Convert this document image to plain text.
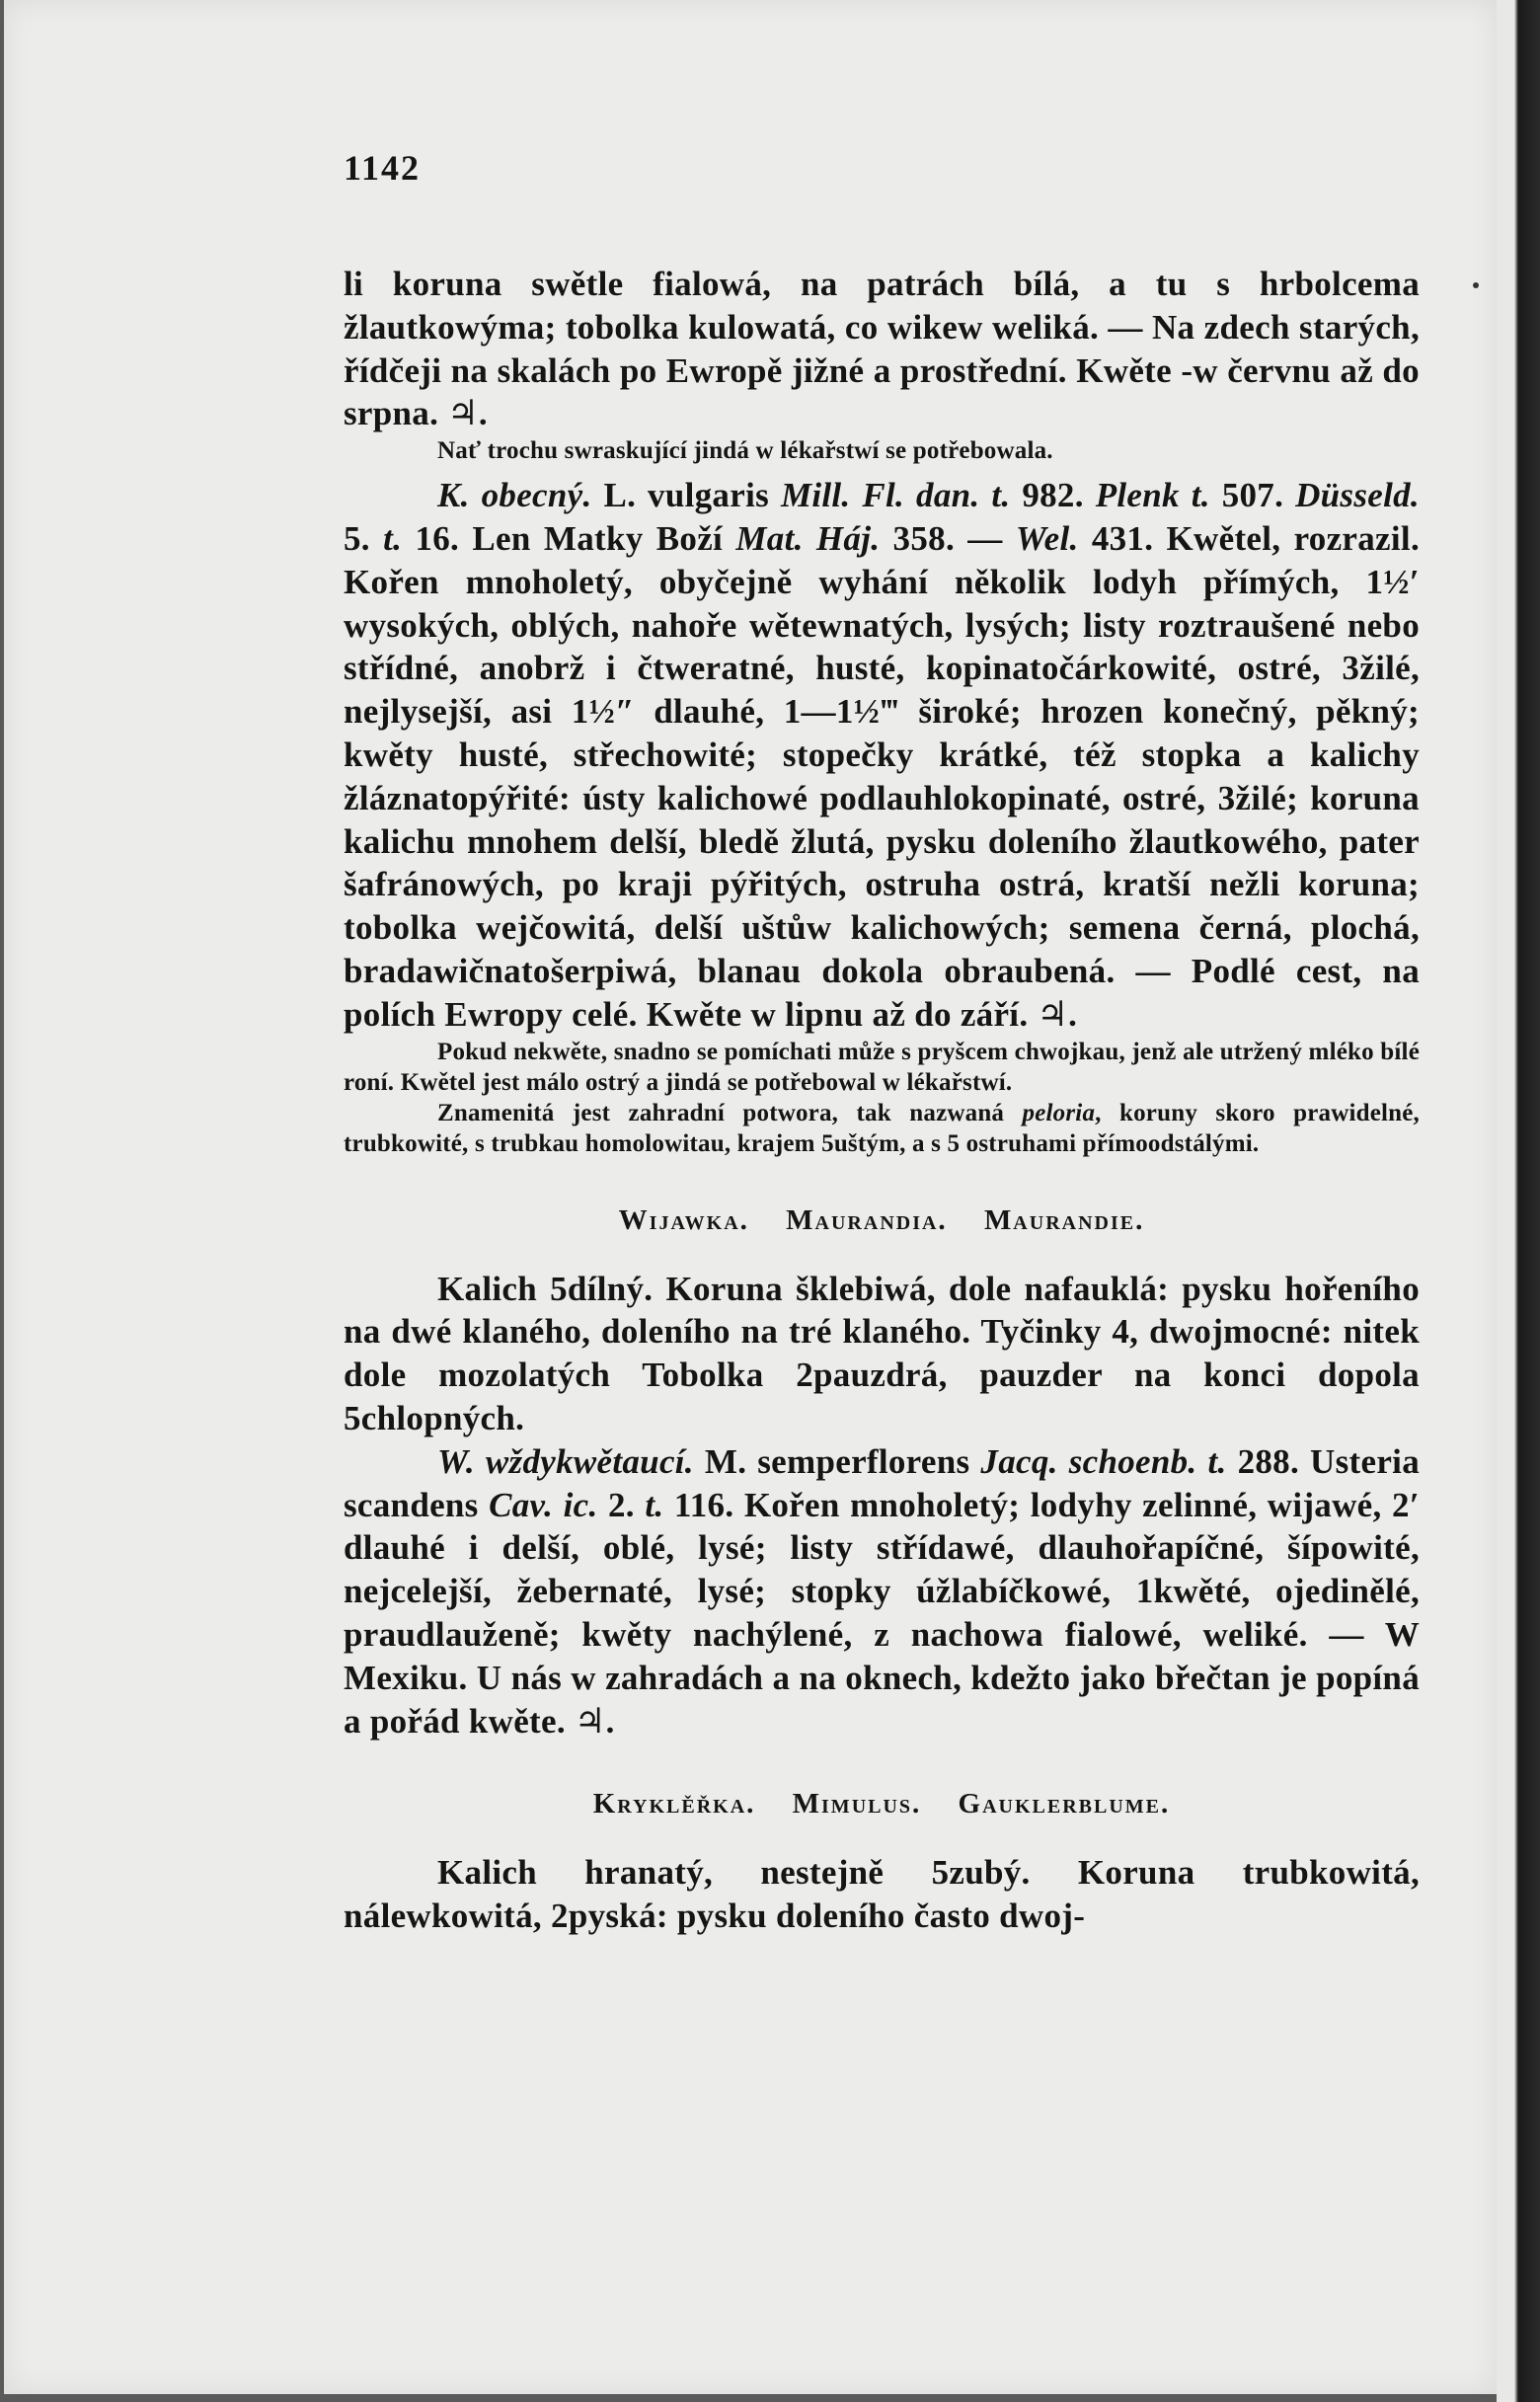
1142

li koruna swětle fialowá, na patrách bílá, a tu s hrbolcema žlautkowýma; tobolka kulowatá, co wikew weliká. — Na zdech starých, řídčeji na skalách po Ewropě jižné a prostřední. Kwěte -w červnu až do srpna. ♃.

Nať trochu swraskující jindá w lékařstwí se potřebowala.

K. obecný. L. vulgaris Mill. Fl. dan. t. 982. Plenk t. 507. Düsseld. 5. t. 16. Len Matky Boží Mat. Háj. 358. — Wel. 431. Kwětel, rozrazil. Kořen mnoholetý, obyčejně wyhání několik lodyh přímých, 1½′ wysokých, oblých, nahoře wětewnatých, lysých; listy roztraušené nebo střídné, anobrž i čtweratné, husté, kopinatočárkowité, ostré, 3žilé, nejlysejší, asi 1½″ dlauhé, 1—1½‴ široké; hrozen konečný, pěkný; kwěty husté, střechowité; stopečky krátké, též stopka a kalichy žláznatopýřité: ústy kalichowé podlauhlokopinaté, ostré, 3žilé; koruna kalichu mnohem delší, bledě žlutá, pysku doleního žlautkowého, pater šafránowých, po kraji pýřitých, ostruha ostrá, kratší nežli koruna; tobolka wejčowitá, delší uštůw kalichowých; semena černá, plochá, bradawičnatošerpiwá, blanau dokola obraubená. — Podlé cest, na polích Ewropy celé. Kwěte w lipnu až do září. ♃.

Pokud nekwěte, snadno se pomíchati může s pryšcem chwojkau, jenž ale utržený mléko bílé roní. Kwětel jest málo ostrý a jindá se potřebowal w lékařstwí.

Znamenitá jest zahradní potwora, tak nazwaná peloria, koruny skoro prawidelné, trubkowité, s trubkau homolowitau, krajem 5uštým, a s 5 ostruhami přímoodstálými.

Wijawka. Maurandia. Maurandie.

Kalich 5dílný. Koruna šklebiwá, dole nafauklá: pysku hořeního na dwé klaného, doleního na tré klaného. Tyčinky 4, dwojmocné: nitek dole mozolatých Tobolka 2pauzdrá, pauzder na konci dopola 5chlopných.

W. wždykwětaucí. M. semperflorens Jacq. schoenb. t. 288. Usteria scandens Cav. ic. 2. t. 116. Kořen mnoholetý; lodyhy zelinné, wijawé, 2′ dlauhé i delší, oblé, lysé; listy střídawé, dlauhořapíčné, šípowité, nejcelejší, žebernaté, lysé; stopky úžlabíčkowé, 1kwěté, ojedinělé, praudlauženě; kwěty nachýlené, z nachowa fialowé, weliké. — W Mexiku. U nás w zahradách a na oknech, kdežto jako břečtan je popíná a pořád kwěte. ♃.

Kryklěřka. Mimulus. Gauklerblume.

Kalich hranatý, nestejně 5zubý. Koruna trubkowitá, nálewkowitá, 2pyská: pysku doleního často dwoj-
